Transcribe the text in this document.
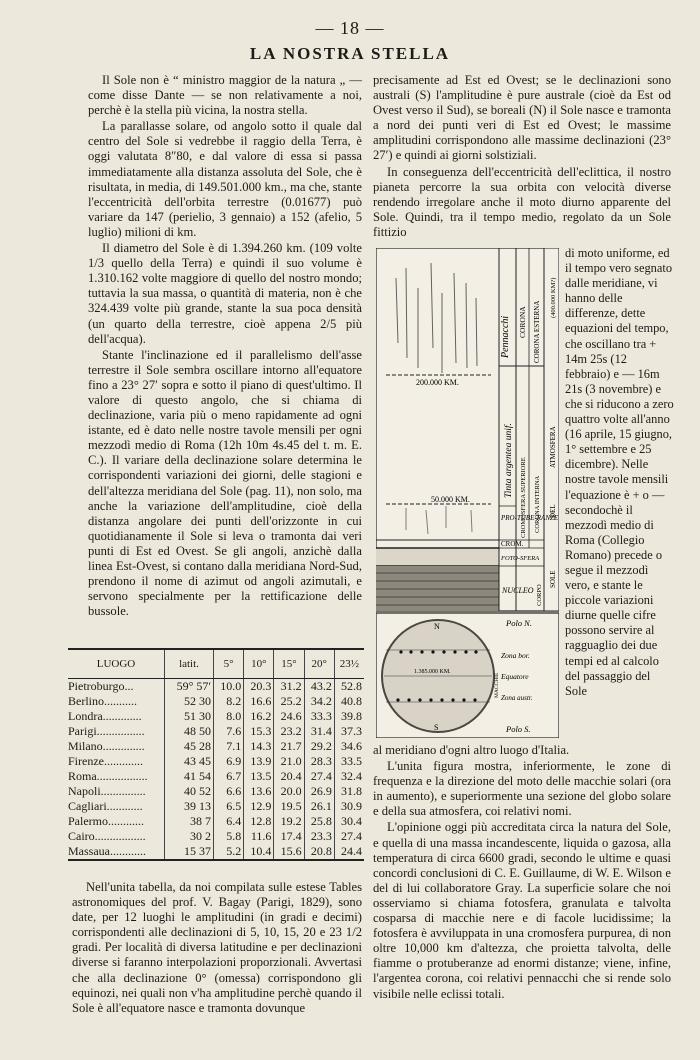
— 18 —
LA NOSTRA STELLA

Il Sole non è “ ministro maggior de la natura „ — come disse Dante — se non relativamente a noi, perchè è la stella più vicina, la nostra stella.

La parallasse solare, od angolo sotto il quale dal centro del Sole si vedrebbe il raggio della Terra, è oggi valutata 8″80, e dal valore di essa si passa immediatamente alla distanza assoluta del Sole, che è risultata, in media, di 149.501.000 km., ma che, stante l'eccentricità dell'orbita terrestre (0.01677) può variare da 147 (perielio, 3 gennaio) a 152 (afelio, 5 luglio) milioni di km.

Il diametro del Sole è di 1.394.260 km. (109 volte 1/3 quello della Terra) e quindi il suo volume è 1.310.162 volte maggiore di quello del nostro mondo; tuttavia la sua massa, o quantità di materia, non è che 324.439 volte più grande, stante la sua poca densità (un quarto della terrestre, cioè appena 2/5 più dell'acqua).

Stante l'inclinazione ed il parallelismo dell'asse terrestre il Sole sembra oscillare intorno all'equatore fino a 23° 27′ sopra e sotto il piano di quest'ultimo. Il valore di questo angolo, che si chiama di declinazione, varia più o meno rapidamente ad ogni istante, ed è dato nelle nostre tavole mensili per ogni mezzodì medio di Roma (12h 10m 4s.45 del t. m. E. C.). Il variare della declinazione solare determina le corrispondenti variazioni dei giorni, delle stagioni e dell'altezza meridiana del Sole (pag. 11), non solo, ma anche la variazione dell'amplitudine, cioè della distanza angolare dei punti dell'orizzonte in cui quotidianamente il Sole si leva o tramonta dai veri punti di Est ed Ovest. Se gli angoli, anzichè dalla linea Est-Ovest, si contano dalla meridiana Nord-Sud, prendono il nome di azimut od angoli azimutali, e servono specialmente per la rettificazione delle bussole.

precisamente ad Est ed Ovest; se le declinazioni sono australi (S) l'amplitudine è pure australe (cioè da Est od Ovest verso il Sud), se boreali (N) il Sole nasce e tramonta a nord dei punti veri di Est ed Ovest; le massime amplitudini corrispondono alle massime declinazioni (23° 27′) e quindi ai giorni solstiziali.

In conseguenza dell'eccentricità dell'eclittica, il nostro pianeta percorre la sua orbita con velocità diverse rendendo irregolare anche il moto diurno apparente del Sole. Quindi, tra il tempo medio, regolato da un Sole fittizio

di moto uniforme, ed il tempo vero segnato dalle meridiane, vi hanno delle differenze, dette equazioni del tempo, che oscillano tra + 14m 25s (12 febbraio) e — 16m 21s (3 novembre) e che si riducono a zero quattro volte all'anno (16 aprile, 15 giugno, 1° settembre e 25 dicembre). Nelle nostre tavole mensili l'equazione è + o — secondochè il mezzodì medio di Roma (Collegio Romano) precede o segue il mezzodì vero, e stante le piccole variazioni diurne quelle cifre possono servire al ragguaglio dei due tempi ed al calcolo del passaggio del Sole

200.000 KM.
50.000 KM.
Pennacchi CORONA CORONA ESTERNA
(400.000 KM?)
Tinta argentea unif. CROMOSFERA SUPERIORE CORONA INTERNA
SOLE
DEL
ATMOSFERA
CORPO
PRO-TUBE-RANZE
CROM.
FOTO-SFERA
NUCLEO
1.385.000 KM.
N
S
Polo N.
Zona bor.
Equatore
Zona austr.
Polo S.
MACCHIE
LUOGO	latit.	5°	10°	15°	20°	23½
Pietroburgo...	59° 57′	10.0	20.3	31.2	43.2	52.8
Berlino...........	52 30	8.2	16.6	25.2	34.2	40.8
Londra.............	51 30	8.0	16.2	24.6	33.3	39.8
Parigi................	48 50	7.6	15.3	23.2	31.4	37.3
Milano..............	45 28	7.1	14.3	21.7	29.2	34.6
Firenze.............	43 45	6.9	13.9	21.0	28.3	33.5
Roma.................	41 54	6.7	13.5	20.4	27.4	32.4
Napoli...............	40 52	6.6	13.6	20.0	26.9	31.8
Cagliari............	39 13	6.5	12.9	19.5	26.1	30.9
Palermo............	38 7	6.4	12.8	19.2	25.8	30.4
Cairo.................	30 2	5.8	11.6	17.4	23.3	27.4
Massaua............	15 37	5.2	10.4	15.6	20.8	24.4

al meridiano d'ogni altro luogo d'Italia.

L'unita figura mostra, inferiormente, le zone di frequenza e la direzione del moto delle macchie solari (ora in aumento), e superiormente una sezione del globo solare e della sua atmosfera, coi relativi nomi.

L'opinione oggi più accreditata circa la natura del Sole, e quella di una massa incandescente, liquida o gazosa, alla temperatura di circa 6600 gradi, secondo le ultime e quasi concordi conclusioni di C. E. Guillaume, di W. E. Wilson e del di lui collaboratore Gray. La superficie solare che noi osserviamo si chiama fotosfera, granulata e talvolta cosparsa di macchie nere e di facole lucidissime; la fotosfera è avviluppata in una cromosfera purpurea, di non oltre 10,000 km d'altezza, che proietta talvolta, delle fiamme o protuberanze ad enormi distanze; viene, infine, l'argentea corona, coi relativi pennacchi che si rende solo visibile nelle eclissi totali.

Nell'unita tabella, da noi compilata sulle estese Tables astronomiques del prof. V. Bagay (Parigi, 1829), sono date, per 12 luoghi le amplitudini (in gradi e decimi) corrispondenti alle declinazioni di 5, 10, 15, 20 e 23 1/2 gradi. Per località di diversa latitudine e per declinazioni diverse si faranno interpolazioni proporzionali. Avvertasi che alla declinazione 0° (omessa) corrispondono gli equinozi, nei quali non v'ha amplitudine perchè quando il Sole è all'equatore nasce e tramonta dovunque
